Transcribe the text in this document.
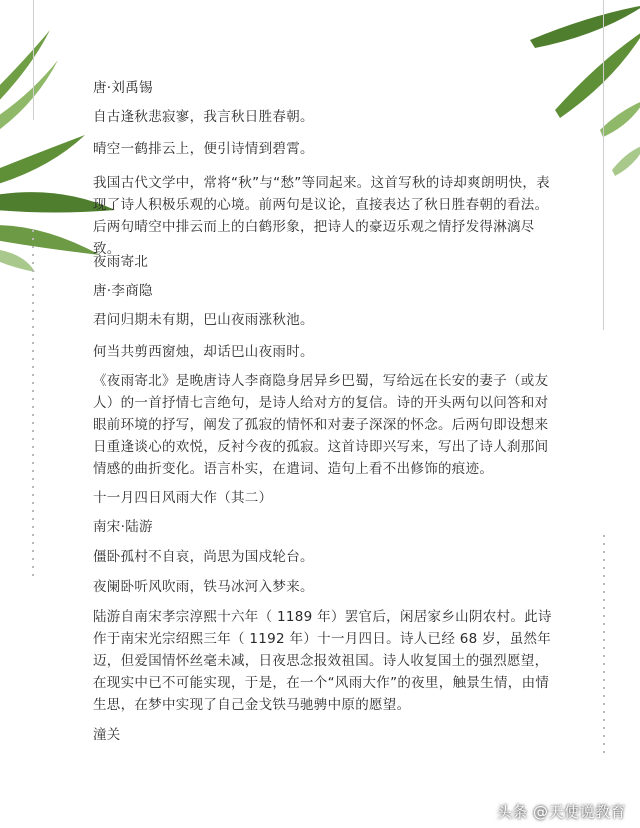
唐·刘禹锡
自古逢秋悲寂寥，我言秋日胜春朝。
晴空一鹤排云上，便引诗情到碧霄。
我国古代文学中，常将“秋”与“愁”等同起来。这首写秋的诗却爽朗明快，表现了诗人积极乐观的心境。前两句是议论，直接表达了秋日胜春朝的看法。后两句晴空中排云而上的白鹤形象，把诗人的豪迈乐观之情抒发得淋漓尽致。
夜雨寄北
唐·李商隐
君问归期未有期，巴山夜雨涨秋池。
何当共剪西窗烛，却话巴山夜雨时。
《夜雨寄北》是晚唐诗人李商隐身居异乡巴蜀，写给远在长安的妻子（或友人）的一首抒情七言绝句，是诗人给对方的复信。诗的开头两句以问答和对眼前环境的抒写，阐发了孤寂的情怀和对妻子深深的怀念。后两句即设想来日重逢谈心的欢悦，反衬今夜的孤寂。这首诗即兴写来，写出了诗人刹那间情感的曲折变化。语言朴实，在遣词、造句上看不出修饰的痕迹。
十一月四日风雨大作（其二）
南宋·陆游
僵卧孤村不自哀，尚思为国戍轮台。
夜阑卧听风吹雨，铁马冰河入梦来。
陆游自南宋孝宗淳熙十六年（ 1189 年）罢官后，闲居家乡山阴农村。此诗作于南宋光宗绍熙三年（ 1192 年）十一月四日。诗人已经 68 岁，虽然年迈，但爱国情怀丝毫未减，日夜思念报效祖国。诗人收复国土的强烈愿望，在现实中已不可能实现，于是，在一个“风雨大作”的夜里，触景生情，由情生思，在梦中实现了自己金戈铁马驰骋中原的愿望。
潼关
头条 @天使说教育
